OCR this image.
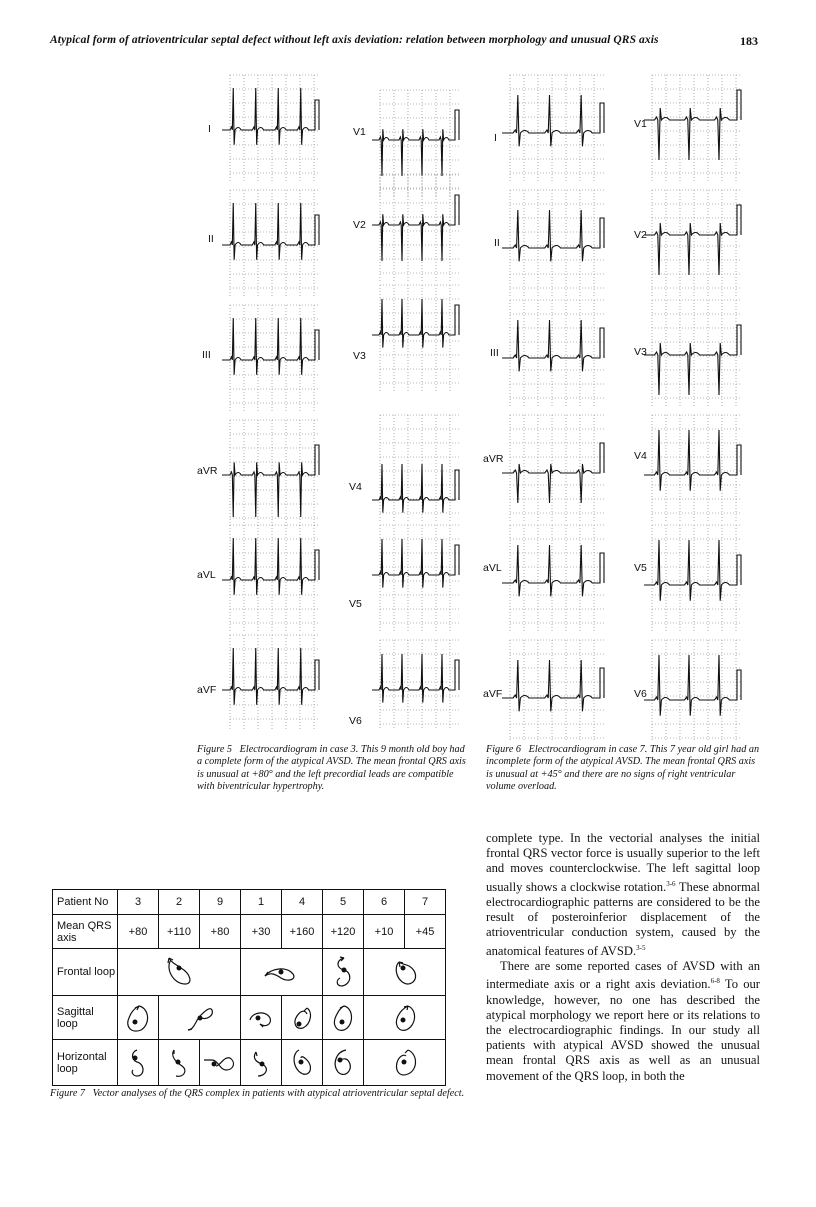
Atypical form of atrioventricular septal defect without left axis deviation: relation between morphology and unusual QRS axis	183
I
II
III
aVR
aVL
aVF
V1
V2
V3
V4
V5
V6
Figure 5 Electrocardiogram in case 3. This 9 month old boy had a complete form of the atypical AVSD. The mean frontal QRS axis is unusual at +80° and the left precordial leads are compatible with biventricular hypertrophy.
I
II
III
aVR
aVL
aVF
V1
V2
V3
V4
V5
V6
Figure 6 Electrocardiogram in case 7. This 7 year old girl had an incomplete form of the atypical AVSD. The mean frontal QRS axis is unusual at +45° and there are no signs of right ventricular volume overload.
Patient No	3	2	9	1	4	5	6	7
Mean QRS axis	+80	+110	+80	+30	+160	+120	+10	+45
Frontal loop	

Sagittal loop	

Horizontal loop	

Figure 7 Vector analyses of the QRS complex in patients with atypical atrioventricular septal defect.

complete type. In the vectorial analyses the initial frontal QRS vector force is usually superior to the left and moves counterclockwise. The left sagittal loop usually shows a clockwise rotation.$^{3-6}$ These abnormal electrocardiographic patterns are considered to be the result of posteroinferior displacement of the atrioventricular conduction system, caused by the anatomical features of AVSD.$^{3-5}$

There are some reported cases of AVSD with an intermediate axis or a right axis deviation.$^{6-8}$ To our knowledge, however, no one has described the atypical morphology we report here or its relations to the electrocardiographic findings. In our study all patients with atypical AVSD showed the unusual mean frontal QRS axis as well as an unusual movement of the QRS loop, in both the
